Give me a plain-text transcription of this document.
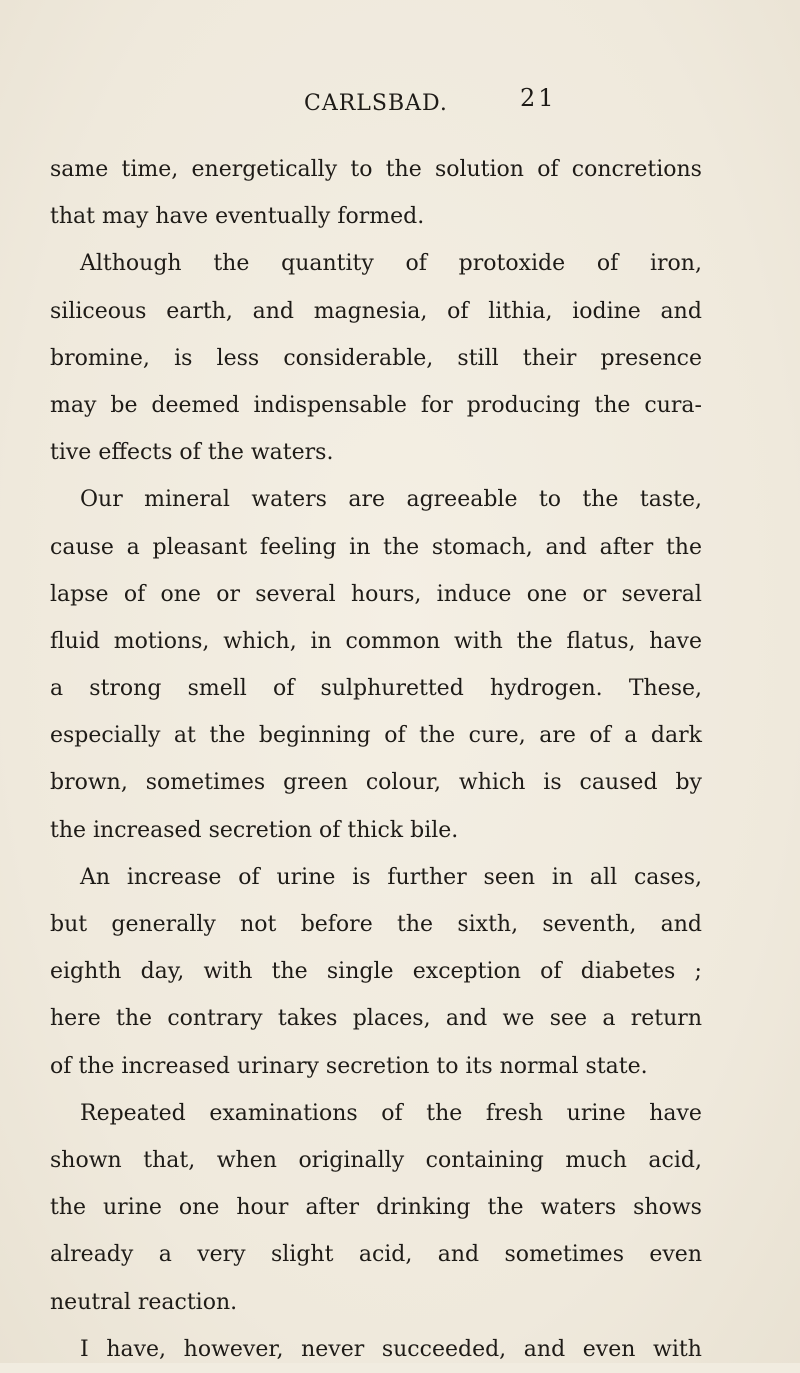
CARLSBAD.	21
same time, energetically to the solution of concretions
that may have eventually formed.
Although the quantity of protoxide of iron,
siliceous earth, and magnesia, of lithia, iodine and
bromine, is less considerable, still their presence
may be deemed indispensable for producing the cura-
tive effects of the waters.
Our mineral waters are agreeable to the taste,
cause a pleasant feeling in the stomach, and after the
lapse of one or several hours, induce one or several
fluid motions, which, in common with the flatus, have
a strong smell of sulphuretted hydrogen. These,
especially at the beginning of the cure, are of a dark
brown, sometimes green colour, which is caused by
the increased secretion of thick bile.
An increase of urine is further seen in all cases,
but generally not before the sixth, seventh, and
eighth day, with the single exception of diabetes ;
here the contrary takes places, and we see a return
of the increased urinary secretion to its normal state.
Repeated examinations of the fresh urine have
shown that, when originally containing much acid,
the urine one hour after drinking the waters shows
already a very slight acid, and sometimes even
neutral reaction.
I have, however, never succeeded, and even with
